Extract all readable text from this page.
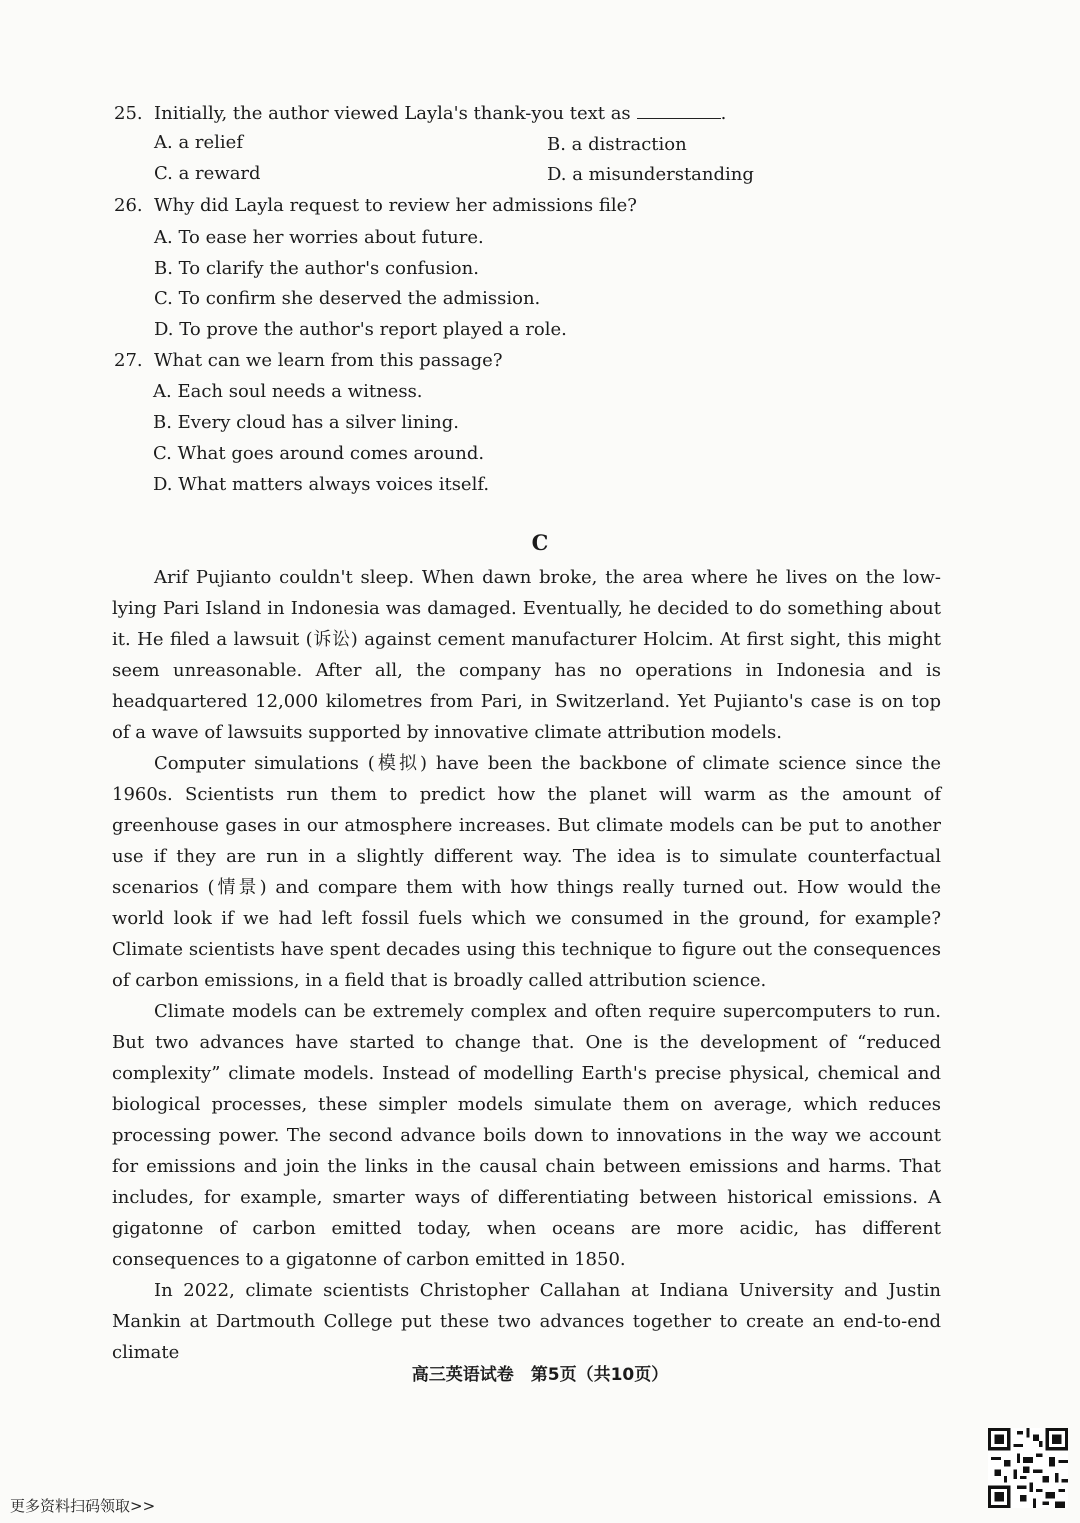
25. Initially, the author viewed Layla's thank-you text as	.
A. a relief	B. a distraction
C. a reward	D. a misunderstanding
26. Why did Layla request to review her admissions file?
A. To ease her worries about future.
B. To clarify the author's confusion.
C. To confirm she deserved the admission.
D. To prove the author's report played a role.
27. What can we learn from this passage?
A. Each soul needs a witness.
B. Every cloud has a silver lining.
C. What goes around comes around.
D. What matters always voices itself.
C

Arif Pujianto couldn't sleep. When dawn broke, the area where he lives on the low-lying Pari Island in Indonesia was damaged. Eventually, he decided to do something about it. He filed a lawsuit (诉讼) against cement manufacturer Holcim. At first sight, this might seem unreasonable. After all, the company has no operations in Indonesia and is headquartered 12,000 kilometres from Pari, in Switzerland. Yet Pujianto's case is on top of a wave of lawsuits supported by innovative climate attribution models.

Computer simulations (模拟) have been the backbone of climate science since the 1960s. Scientists run them to predict how the planet will warm as the amount of greenhouse gases in our atmosphere increases. But climate models can be put to another use if they are run in a slightly different way. The idea is to simulate counterfactual scenarios (情景) and compare them with how things really turned out. How would the world look if we had left fossil fuels which we consumed in the ground, for example? Climate scientists have spent decades using this technique to figure out the consequences of carbon emissions, in a field that is broadly called attribution science.

Climate models can be extremely complex and often require supercomputers to run. But two advances have started to change that. One is the development of “reduced complexity” climate models. Instead of modelling Earth's precise physical, chemical and biological processes, these simpler models simulate them on average, which reduces processing power. The second advance boils down to innovations in the way we account for emissions and join the links in the causal chain between emissions and harms. That includes, for example, smarter ways of differentiating between historical emissions. A gigatonne of carbon emitted today, when oceans are more acidic, has different consequences to a gigatonne of carbon emitted in 1850.

In 2022, climate scientists Christopher Callahan at Indiana University and Justin Mankin at Dartmouth College put these two advances together to create an end-to-end climate

高三英语试卷　第5页（共10页）
更多资料扫码领取>>
